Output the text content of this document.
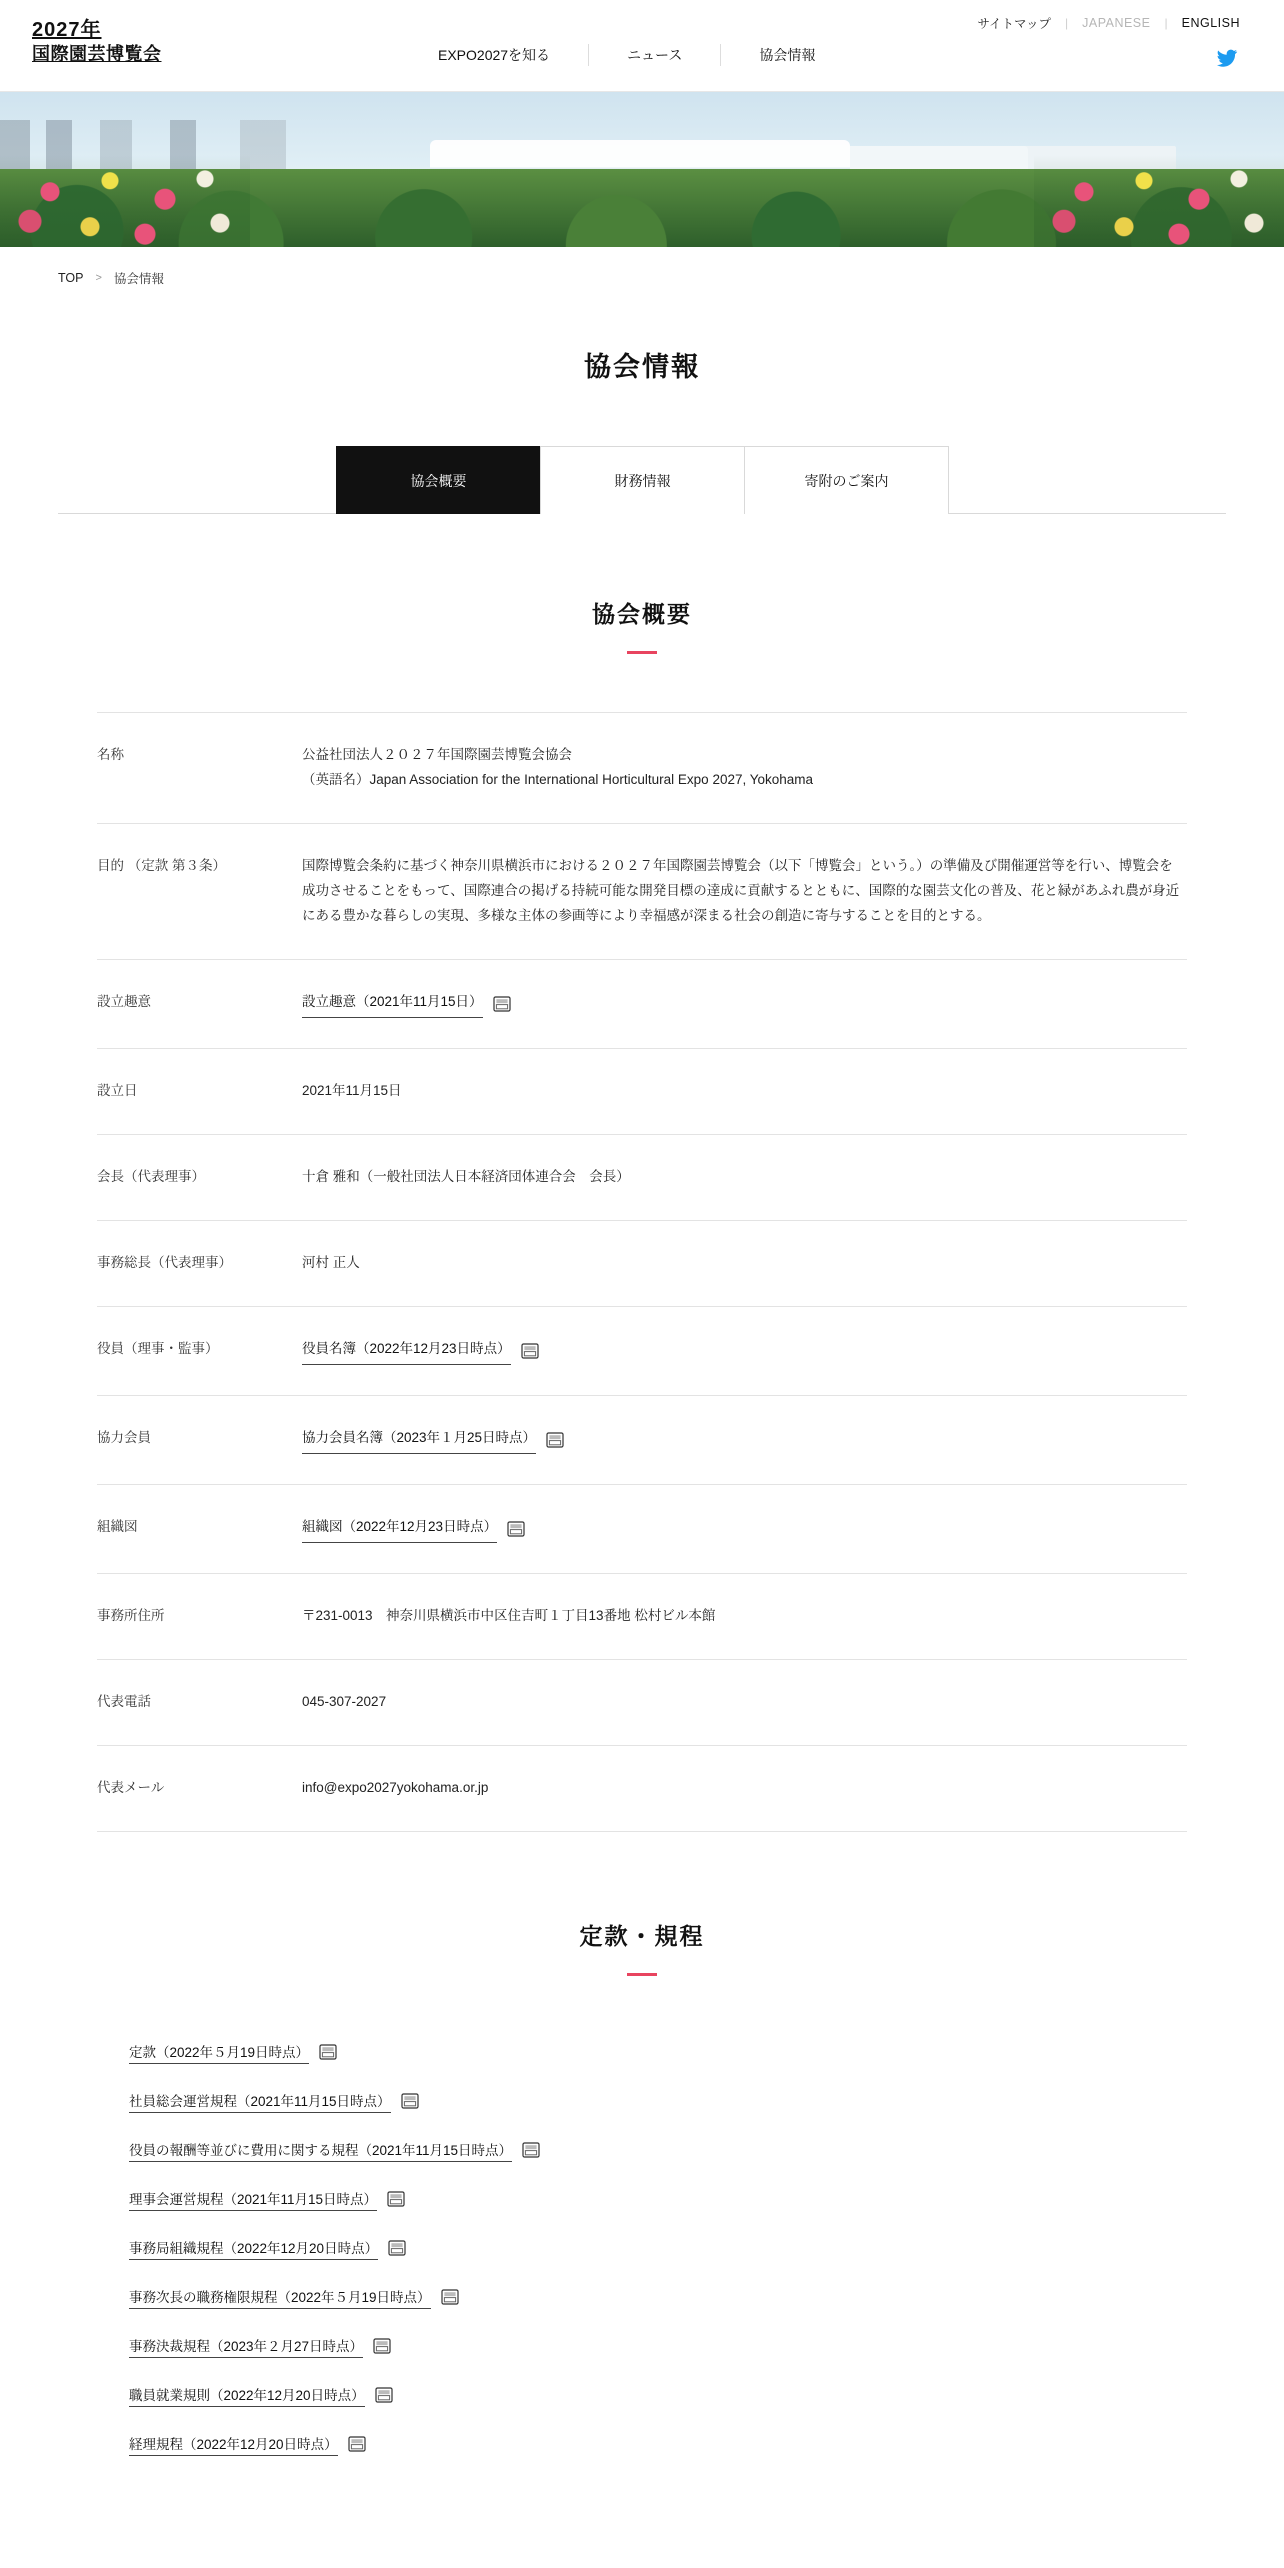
2027年
国際園芸博覧会
サイトマップ	|	JAPANESE	|	ENGLISH
EXPO2027を知る	ニュース	協会情報
TOP > 協会情報
協会情報
協会概要	財務情報	寄附のご案内
協会概要
名称	公益社団法人２０２７年国際園芸博覧会協会
（英語名）Japan Association for the International Horticultural Expo 2027, Yokohama
目的 （定款 第３条）	国際博覧会条約に基づく神奈川県横浜市における２０２７年国際園芸博覧会（以下「博覧会」という。）の準備及び開催運営等を行い、博覧会を成功させることをもって、国際連合の掲げる持続可能な開発目標の達成に貢献するとともに、国際的な園芸文化の普及、花と緑があふれ農が身近にある豊かな暮らしの実現、多様な主体の参画等により幸福感が深まる社会の創造に寄与することを目的とする。
設立趣意	設立趣意（2021年11月15日）

設立日	2021年11月15日
会長（代表理事）	十倉 雅和（一般社団法人日本経済団体連合会　会長）
事務総長（代表理事）	河村 正人
役員（理事・監事）	役員名簿（2022年12月23日時点）

協力会員	協力会員名簿（2023年１月25日時点）

組織図	組織図（2022年12月23日時点）

事務所住所	〒231-0013　神奈川県横浜市中区住吉町１丁目13番地 松村ビル本館
代表電話	045-307-2027
代表メール	info@expo2027yokohama.or.jp
定款・規程
定款（2022年５月19日時点）
社員総会運営規程（2021年11月15日時点）
役員の報酬等並びに費用に関する規程（2021年11月15日時点）
理事会運営規程（2021年11月15日時点）
事務局組織規程（2022年12月20日時点）
事務次長の職務権限規程（2022年５月19日時点）
事務決裁規程（2023年２月27日時点）
職員就業規則（2022年12月20日時点）
経理規程（2022年12月20日時点）
